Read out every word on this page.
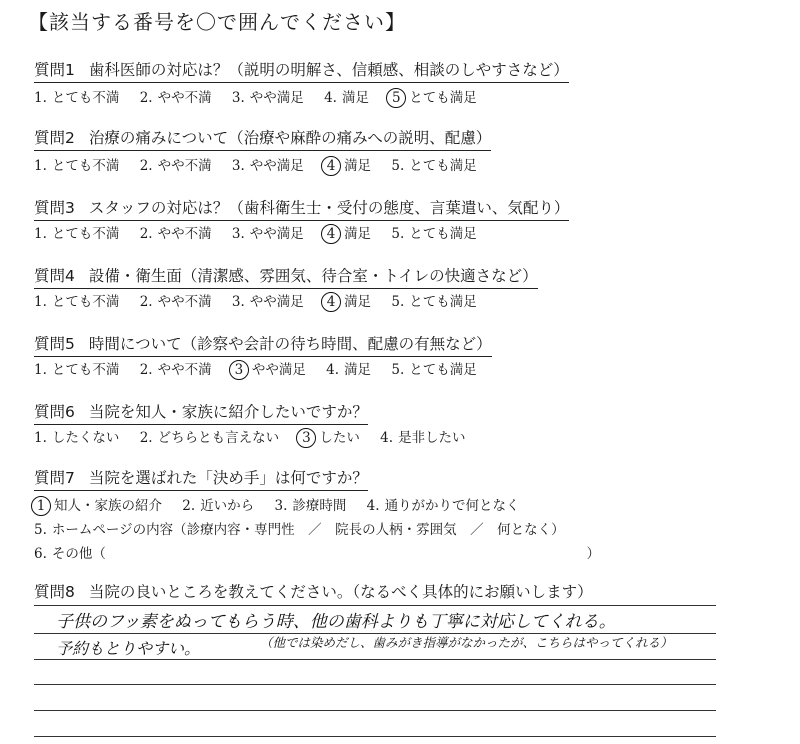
【該当する番号を〇で囲んでください】
質問1 歯科医師の対応は？（説明の明解さ、信頼感、相談のしやすさなど）
1. とても不満 2. やや不満 3. やや満足 4. 満足 5 とても満足
質問2 治療の痛みについて（治療や麻酔の痛みへの説明、配慮）
1. とても不満 2. やや不満 3. やや満足 4 満足 5. とても満足
質問3 スタッフの対応は？（歯科衛生士・受付の態度、言葉遣い、気配り）
1. とても不満 2. やや不満 3. やや満足 4 満足 5. とても満足
質問4 設備・衛生面（清潔感、雰囲気、待合室・トイレの快適さなど）
1. とても不満 2. やや不満 3. やや満足 4 満足 5. とても満足
質問5 時間について（診察や会計の待ち時間、配慮の有無など）
1. とても不満 2. やや不満 3 やや満足 4. 満足 5. とても満足
質問6 当院を知人・家族に紹介したいですか？
1. したくない 2. どちらとも言えない 3 したい 4. 是非したい
質問7 当院を選ばれた「決め手」は何ですか？
1 知人・家族の紹介 2. 近いから 3. 診療時間 4. 通りがかりで何となく
5. ホームページの内容（診療内容・専門性　／　院長の人柄・雰囲気　／　何となく）
6. その他（	）
質問8 当院の良いところを教えてください。（なるべく具体的にお願いします）
子供のフッ素をぬってもらう時、他の歯科よりも丁寧に対応してくれる。
予約もとりやすい。	（他では染めだし、歯みがき指導がなかったが、こちらはやってくれる）
